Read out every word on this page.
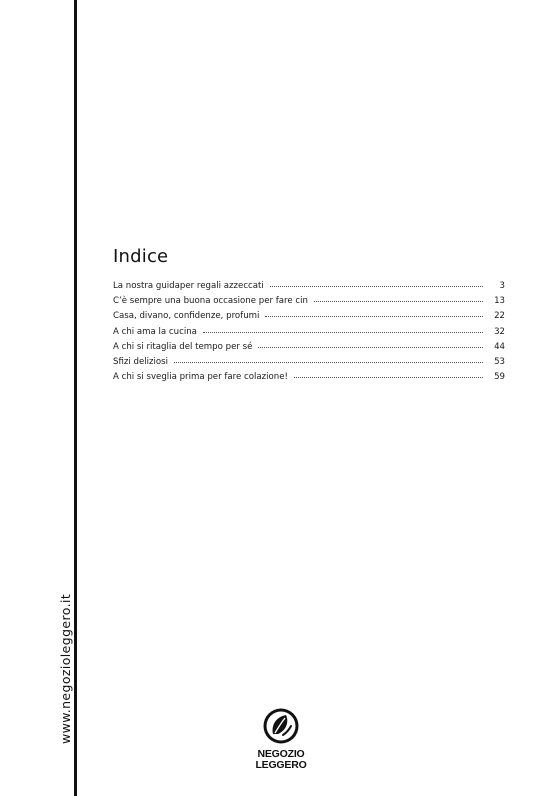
www.negozioleggero.it
Indice
La nostra guidaper regali azzeccati	3
C’è sempre una buona occasione per fare cin	13
Casa, divano, confidenze, profumi	22
A chi ama la cucina	32
A chi si ritaglia del tempo per sé	44
Sfizi deliziosi	53
A chi si sveglia prima per fare colazione!	59
NEGOZIO
LEGGERO
